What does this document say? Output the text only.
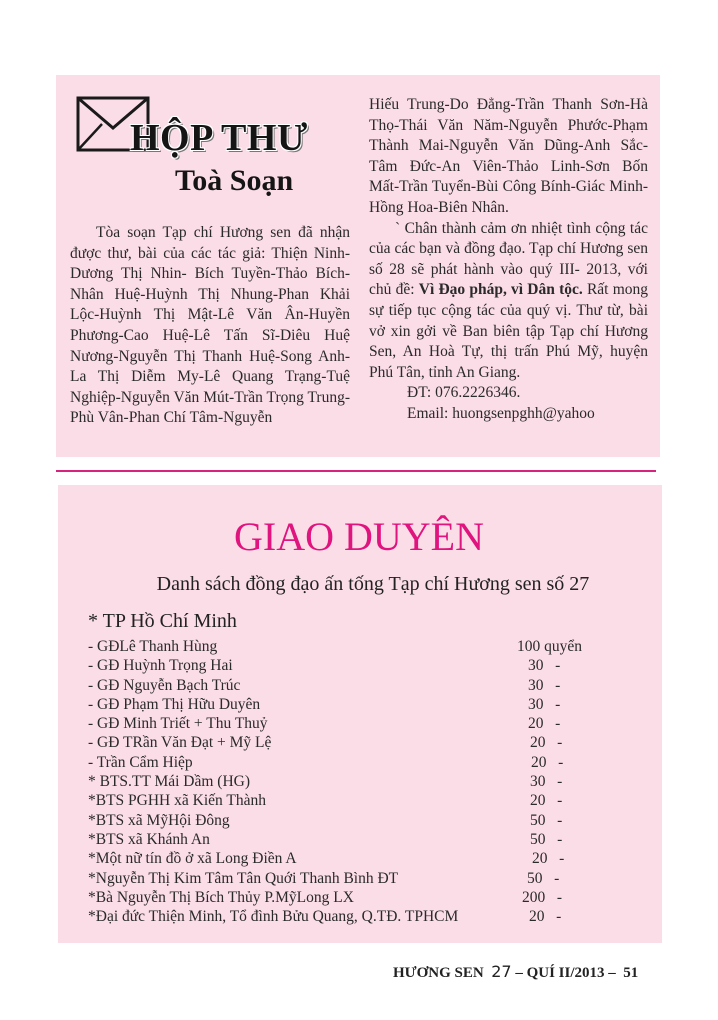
HỘP THƯ
Toà Soạn

Tòa soạn Tạp chí Hương sen đã nhận được thư, bài của các tác giả: Thiện Ninh-Dương Thị Nhin- Bích Tuyền-Thảo Bích-Nhân Huệ-Huỳnh Thị Nhung-Phan Khải Lộc-Huỳnh Thị Mật-Lê Văn Ân-Huyền Phương-Cao Huệ-Lê Tấn Sĩ-Diêu Huệ Nương-Nguyễn Thị Thanh Huệ-Song Anh-La Thị Diễm My-Lê Quang Trạng-Tuệ Nghiệp-Nguyễn Văn Mút-Trần Trọng Trung-Phù Vân-Phan Chí Tâm-Nguyễn

Hiếu Trung-Do Đẳng-Trần Thanh Sơn-Hà Thọ-Thái Văn Năm-Nguyễn Phước-Phạm Thành Mai-Nguyễn Văn Dũng-Anh Sắc-Tâm Đức-An Viên-Thảo Linh-Sơn Bốn Mất-Trần Tuyển-Bùi Công Bính-Giác Minh-Hồng Hoa-Biên Nhân.

` Chân thành cảm ơn nhiệt tình cộng tác của các bạn và đồng đạo. Tạp chí Hương sen số 28 sẽ phát hành vào quý III- 2013, với chủ đề: Vì Đạo pháp, vì Dân tộc. Rất mong sự tiếp tục cộng tác của quý vị. Thư từ, bài vở xin gởi về Ban biên tập Tạp chí Hương Sen, An Hoà Tự, thị trấn Phú Mỹ, huyện Phú Tân, tỉnh An Giang.

ĐT: 076.2226346.

Email: huongsenpghh@yahoo

GIAO DUYÊN
Danh sách đồng đạo ấn tống Tạp chí Hương sen số 27
* TP Hồ Chí Minh
- GĐLê Thanh Hùng	100 quyển
- GĐ Huỳnh Trọng Hai	30   -
- GĐ Nguyễn Bạch Trúc	30   -
- GĐ Phạm Thị Hữu Duyên	30   -
- GĐ Minh Triết + Thu Thuỷ	20   -
- GĐ TRần Văn Đạt + Mỹ Lệ	20   -
- Trần Cẩm Hiệp	20   -
* BTS.TT Mái Dầm (HG)	30   -
*BTS PGHH xã Kiến Thành	20   -
*BTS xã MỹHội Đông	50   -
*BTS xã Khánh An	50   -
*Một nữ tín đồ ở xã Long Điền A	20   -
*Nguyễn Thị Kim Tâm Tân Quới Thanh Bình ĐT	50   -
*Bà Nguyễn Thị Bích Thủy P.MỹLong LX	200   -
*Đại đức Thiện Minh, Tổ đình Bửu Quang, Q.TĐ. TPHCM	20   -
HƯƠNG SEN 27 – QUÍ II/2013 – 51
